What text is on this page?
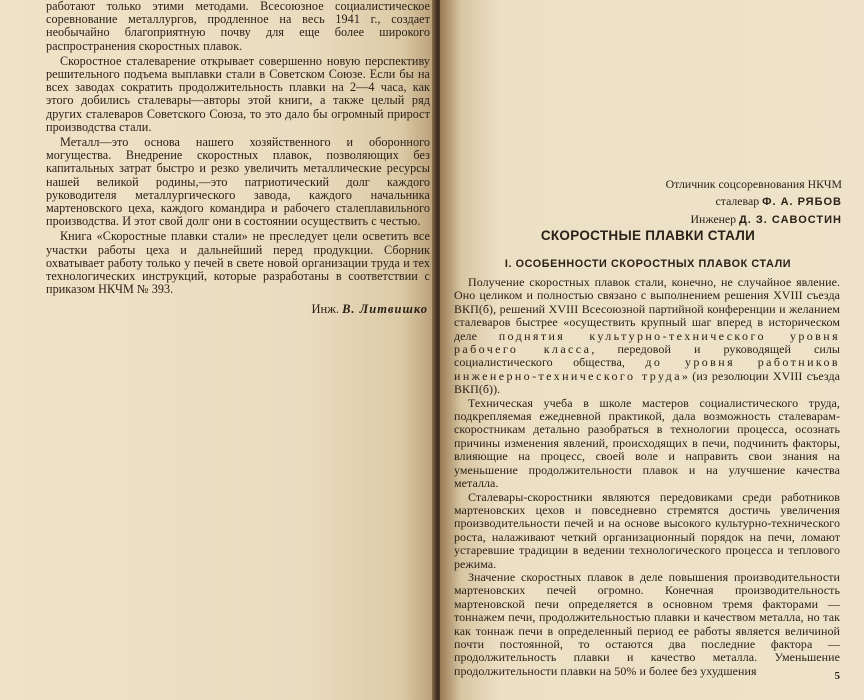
работают только этими методами. Всесоюзное социалистическое соревнование металлургов, продленное на весь 1941 г., создает необычайно благоприятную почву для еще более широкого распространения скоростных плавок.

Скоростное сталеварение открывает совершенно новую перспективу решительного подъема выплавки стали в Советском Союзе. Если бы на всех заводах сократить продолжительность плавки на 2—4 часа, как этого добились сталевары—авторы этой книги, а также целый ряд других сталеваров Советского Союза, то это дало бы огромный прирост производства стали.

Металл—это основа нашего хозяйственного и оборонного могущества. Внедрение скоростных плавок, позволяющих без капитальных затрат быстро и резко увеличить металлические ресурсы нашей великой родины,—это патриотический долг каждого руководителя металлургического завода, каждого начальника мартеновского цеха, каждого командира и рабочего сталеплавильного производства. И этот свой долг они в состоянии осуществить с честью.

Книга «Скоростные плавки стали» не преследует цели осветить все участки работы цеха и дальнейший перед продукции. Сборник охватывает работу только у печей в свете новой организации труда и тех технологических инструкций, которые разработаны в соответствии с приказом НКЧМ № 393.

Инж. В. Литвишко
Отличник соцсоревнования НКЧМ
сталевар Ф. А. РЯБОВ
Инженер Д. З. САВОСТИН
СКОРОСТНЫЕ ПЛАВКИ СТАЛИ
I. ОСОБЕННОСТИ СКОРОСТНЫХ ПЛАВОК СТАЛИ

Получение скоростных плавок стали, конечно, не случайное явление. Оно целиком и полностью связано с выполнением решения XVIII съезда ВКП(б), решений XVIII Всесоюзной партийной конференции и желанием сталеваров быстрее «осуществить крупный шаг вперед в историческом деле поднятия культурно-технического уровня рабочего класса, передовой и руководящей силы социалистического общества, до уровня работников инженерно-технического труда» (из резолюции XVIII съезда ВКП(б)).

Техническая учеба в школе мастеров социалистического труда, подкрепляемая ежедневной практикой, дала возможность сталеварам-скоростникам детально разобраться в технологии процесса, осознать причины изменения явлений, происходящих в печи, подчинить факторы, влияющие на процесс, своей воле и направить свои знания на уменьшение продолжительности плавок и на улучшение качества металла.

Сталевары-скоростники являются передовиками среди работников мартеновских цехов и повседневно стремятся достичь увеличения производительности печей и на основе высокого культурно-технического роста, налаживают четкий организационный порядок на печи, ломают устаревшие традиции в ведении технологического процесса и теплового режима.

Значение скоростных плавок в деле повышения производительности мартеновских печей огромно. Конечная производительность мартеновской печи определяется в основном тремя факторами — тоннажем печи, продолжительностью плавки и качеством металла, но так как тоннаж печи в определенный период ее работы является величиной почти постоянной, то остаются два последние фактора — продолжительность плавки и качество металла. Уменьшение продолжительности плавки на 50% и более без ухудшения	5
